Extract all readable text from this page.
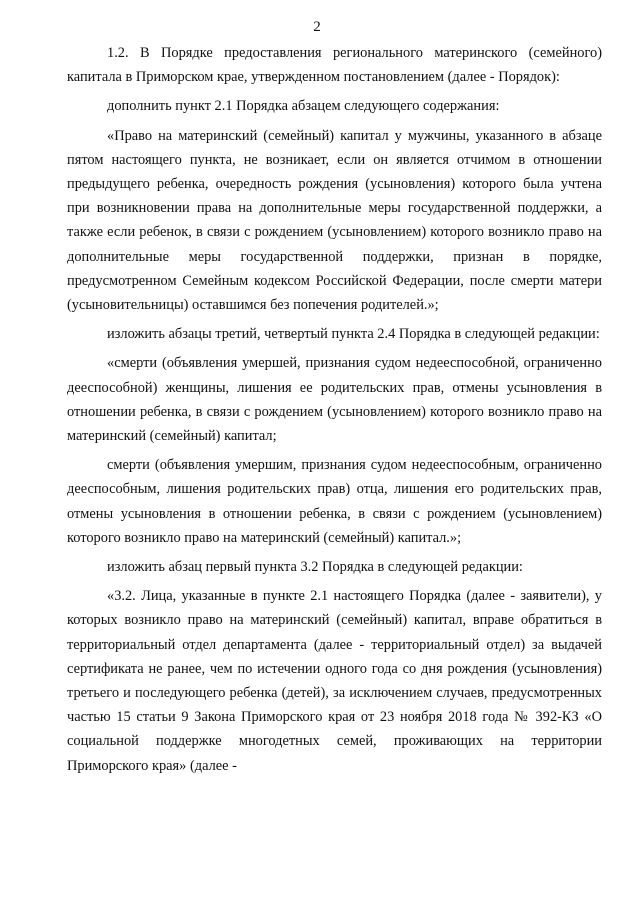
2

1.2. В Порядке предоставления регионального материнского (семейного) капитала в Приморском крае, утвержденном постановлением (далее - Порядок):

дополнить пункт 2.1 Порядка абзацем следующего содержания:

«Право на материнский (семейный) капитал у мужчины, указанного в абзаце пятом настоящего пункта, не возникает, если он является отчимом в отношении предыдущего ребенка, очередность рождения (усыновления) которого была учтена при возникновении права на дополнительные меры государственной поддержки, а также если ребенок, в связи с рождением (усыновлением) которого возникло право на дополнительные меры государственной поддержки, признан в порядке, предусмотренном Семейным кодексом Российской Федерации, после смерти матери (усыновительницы) оставшимся без попечения родителей.»;

изложить абзацы третий, четвертый пункта 2.4 Порядка в следующей редакции:

«смерти (объявления умершей, признания судом недееспособной, ограниченно дееспособной) женщины, лишения ее родительских прав, отмены усыновления в отношении ребенка, в связи с рождением (усыновлением) которого возникло право на материнский (семейный) капитал;

смерти (объявления умершим, признания судом недееспособным, ограниченно дееспособным, лишения родительских прав) отца, лишения его родительских прав, отмены усыновления в отношении ребенка, в связи с рождением (усыновлением) которого возникло право на материнский (семейный) капитал.»;

изложить абзац первый пункта 3.2 Порядка в следующей редакции:

«3.2. Лица, указанные в пункте 2.1 настоящего Порядка (далее - заявители), у которых возникло право на материнский (семейный) капитал, вправе обратиться в территориальный отдел департамента (далее - территориальный отдел) за выдачей сертификата не ранее, чем по истечении одного года со дня рождения (усыновления) третьего и последующего ребенка (детей), за исключением случаев, предусмотренных частью 15 статьи 9 Закона Приморского края от 23 ноября 2018 года № 392-КЗ «О социальной поддержке многодетных семей, проживающих на территории Приморского края» (далее -
